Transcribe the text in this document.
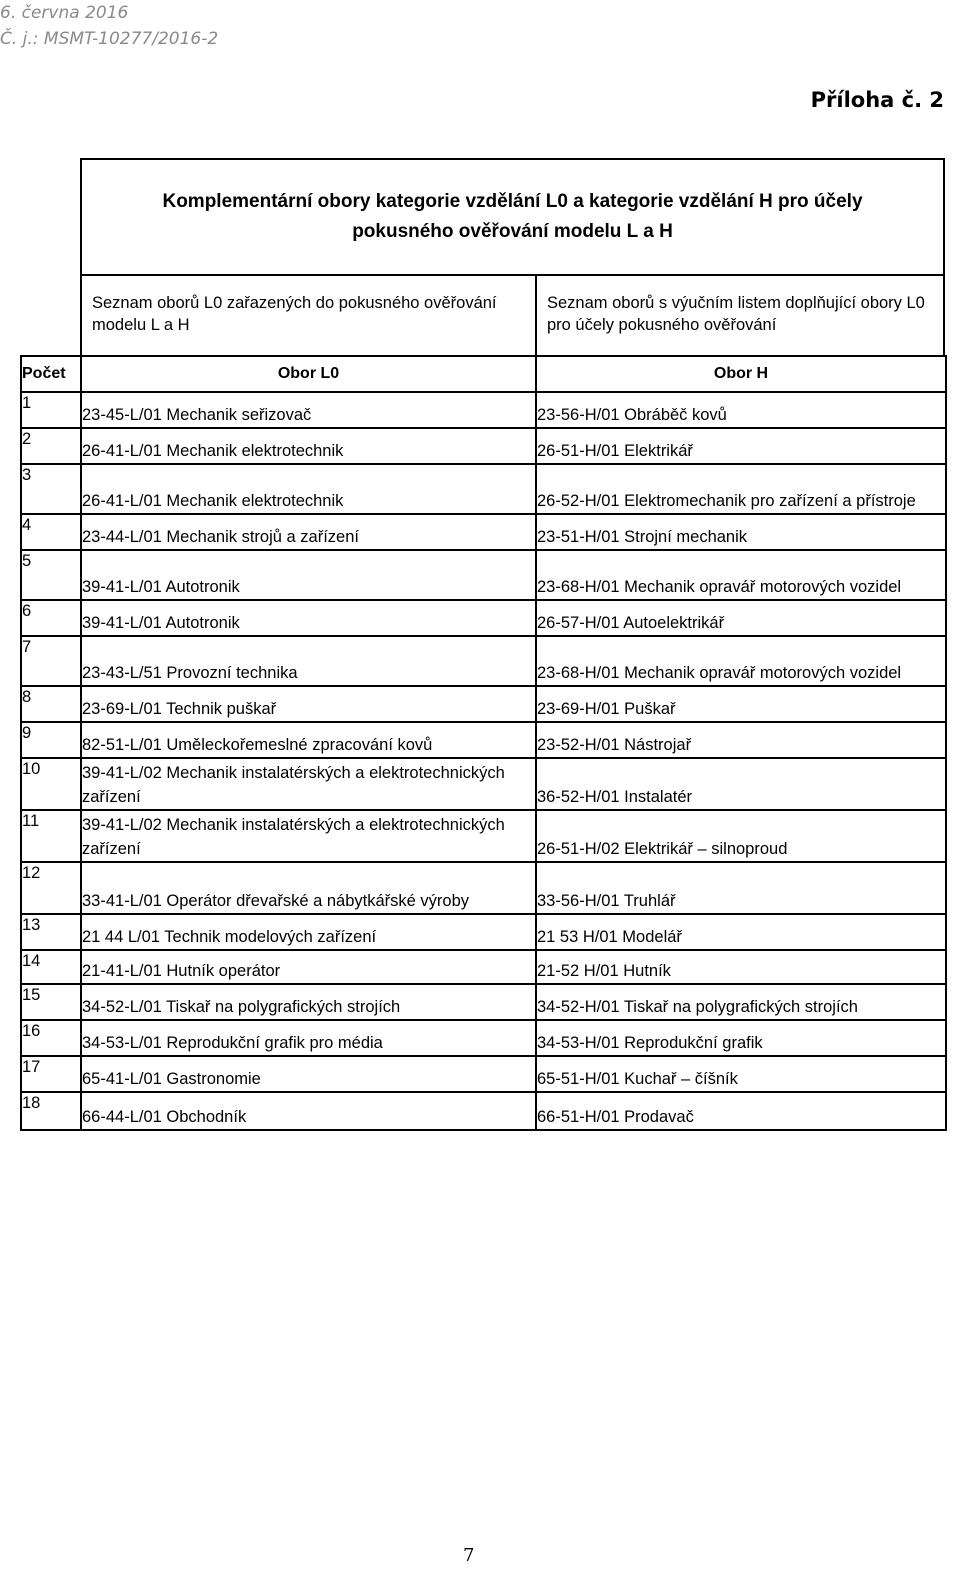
6. června 2016
Č. j.: MSMT-10277/2016-2
Příloha č. 2
Komplementární obory kategorie vzdělání L0 a kategorie vzdělání H pro účely
pokusného ověřování modelu L a H
Seznam oborů L0 zařazených do pokusného ověřování modelu L a H
Seznam oborů s výučním listem doplňující obory L0 pro účely pokusného ověřování
Počet	Obor L0	Obor H
1	23-45-L/01 Mechanik seřizovač	23-56-H/01 Obráběč kovů

2	26-41-L/01 Mechanik elektrotechnik	26-51-H/01 Elektrikář

3	26-41-L/01 Mechanik elektrotechnik	26-52-H/01 Elektromechanik pro zařízení a přístroje

4	23-44-L/01 Mechanik strojů a zařízení	23-51-H/01 Strojní mechanik

5	39-41-L/01 Autotronik	23-68-H/01 Mechanik opravář motorových vozidel

6	39-41-L/01 Autotronik	26-57-H/01 Autoelektrikář

7	23-43-L/51 Provozní technika	23-68-H/01 Mechanik opravář motorových vozidel

8	23-69-L/01 Technik puškař	23-69-H/01 Puškař

9	82-51-L/01 Uměleckořemeslné zpracování kovů	23-52-H/01 Nástrojař

10	39-41-L/02 Mechanik instalatérských a elektrotechnických zařízení	36-52-H/01 Instalatér

11	39-41-L/02 Mechanik instalatérských a elektrotechnických zařízení	26-51-H/02 Elektrikář – silnoproud

12	33-41-L/01 Operátor dřevařské a nábytkářské výroby	33-56-H/01 Truhlář

13	21 44 L/01 Technik modelových zařízení	21 53 H/01 Modelář

14	21-41-L/01 Hutník operátor	21-52 H/01 Hutník

15	34-52-L/01 Tiskař na polygrafických strojích	34-52-H/01 Tiskař na polygrafických strojích

16	34-53-L/01 Reprodukční grafik pro média	34-53-H/01 Reprodukční grafik

17	65-41-L/01 Gastronomie	65-51-H/01 Kuchař – číšník

18	66-44-L/01 Obchodník	66-51-H/01 Prodavač
7
